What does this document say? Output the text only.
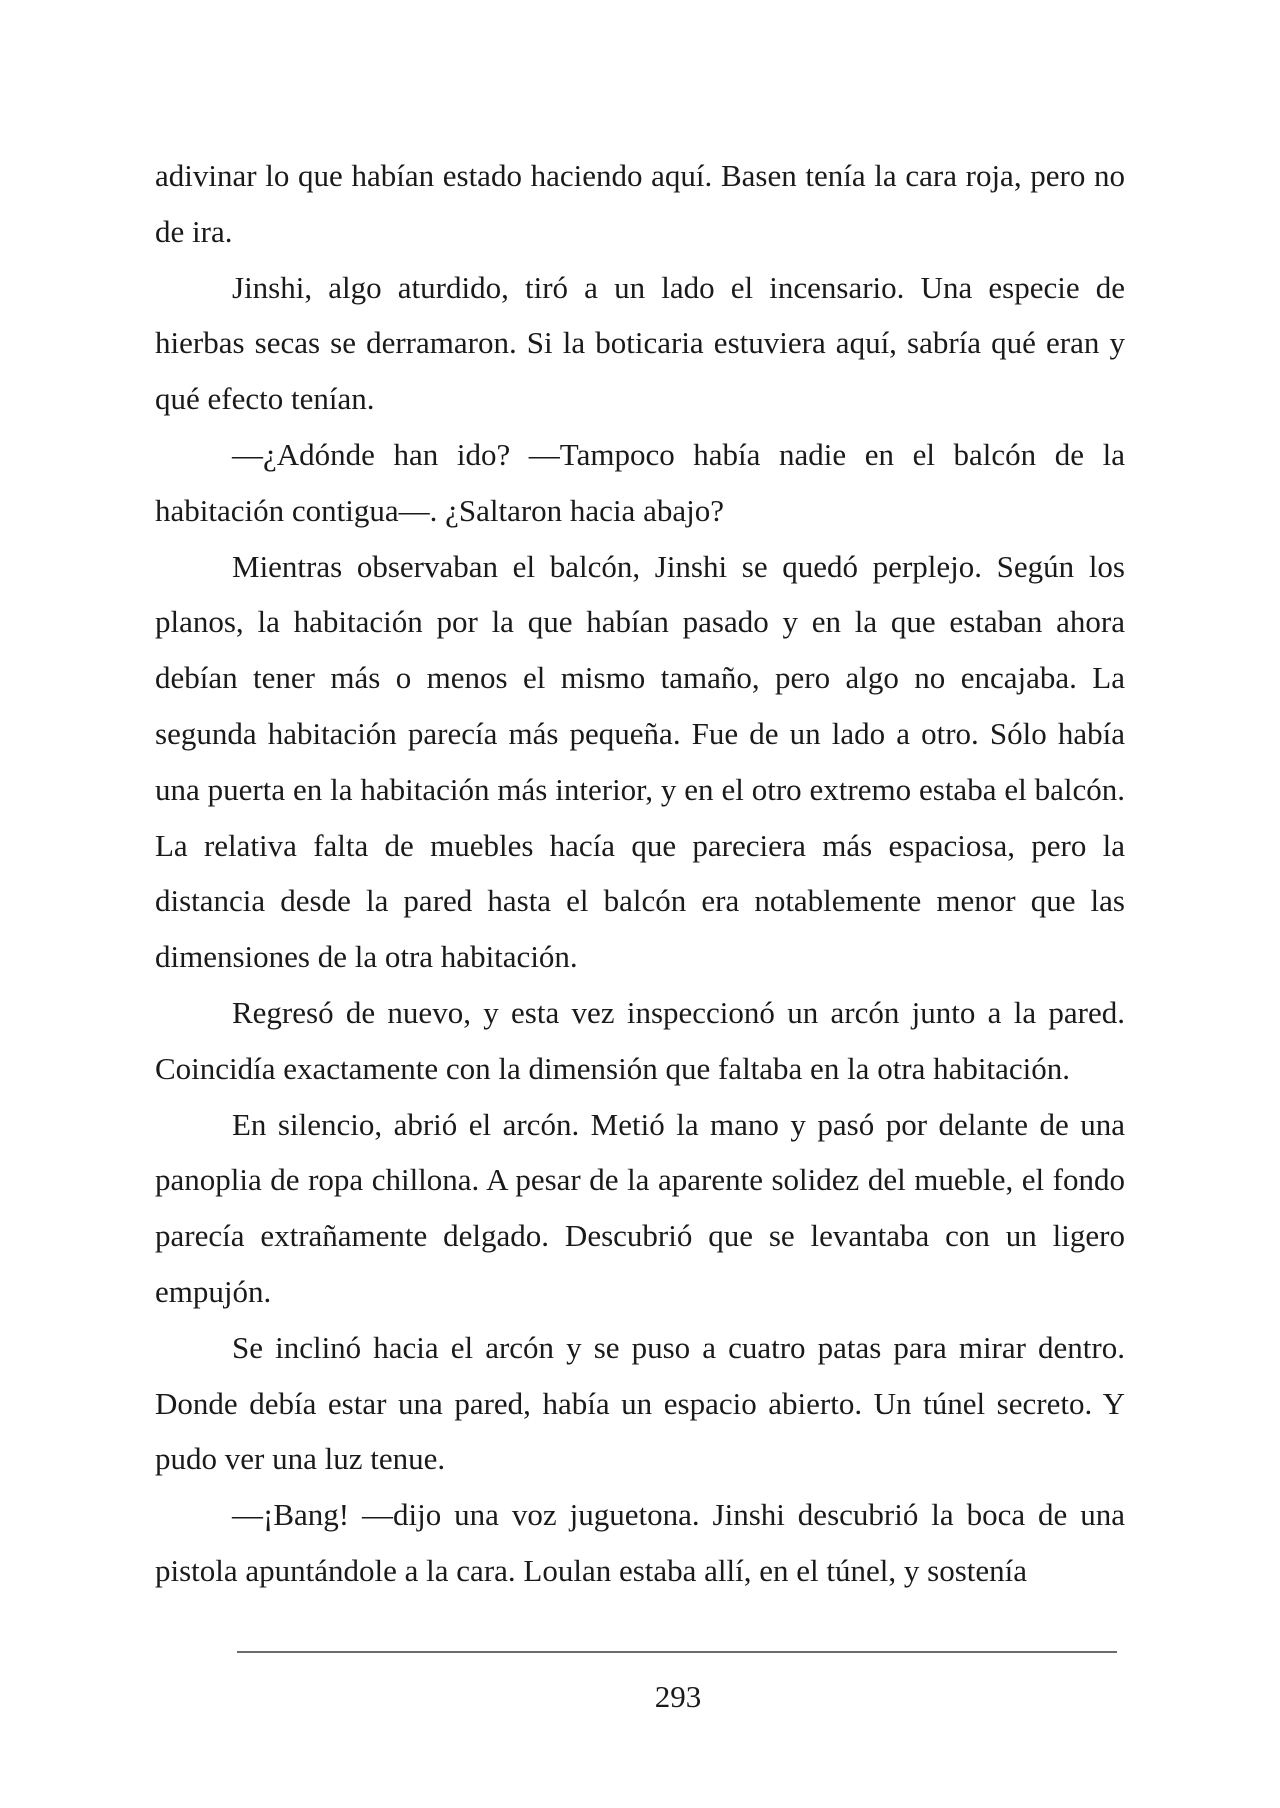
adivinar lo que habían estado haciendo aquí. Basen tenía la cara roja, pero no de ira.

Jinshi, algo aturdido, tiró a un lado el incensario. Una especie de hierbas secas se derramaron. Si la boticaria estuviera aquí, sabría qué eran y qué efecto tenían.

—¿Adónde han ido? —Tampoco había nadie en el balcón de la habitación contigua—. ¿Saltaron hacia abajo?

Mientras observaban el balcón, Jinshi se quedó perplejo. Según los planos, la habitación por la que habían pasado y en la que estaban ahora debían tener más o menos el mismo tamaño, pero algo no encajaba. La segunda habitación parecía más pequeña. Fue de un lado a otro. Sólo había una puerta en la habitación más interior, y en el otro extremo estaba el balcón. La relativa falta de muebles hacía que pareciera más espaciosa, pero la distancia desde la pared hasta el balcón era notablemente menor que las dimensiones de la otra habitación.

Regresó de nuevo, y esta vez inspeccionó un arcón junto a la pared. Coincidía exactamente con la dimensión que faltaba en la otra habitación.

En silencio, abrió el arcón. Metió la mano y pasó por delante de una panoplia de ropa chillona. A pesar de la aparente solidez del mueble, el fondo parecía extrañamente delgado. Descubrió que se levantaba con un ligero empujón.

Se inclinó hacia el arcón y se puso a cuatro patas para mirar dentro. Donde debía estar una pared, había un espacio abierto. Un túnel secreto. Y pudo ver una luz tenue.

—¡Bang! —dijo una voz juguetona. Jinshi descubrió la boca de una pistola apuntándole a la cara. Loulan estaba allí, en el túnel, y sostenía

293
